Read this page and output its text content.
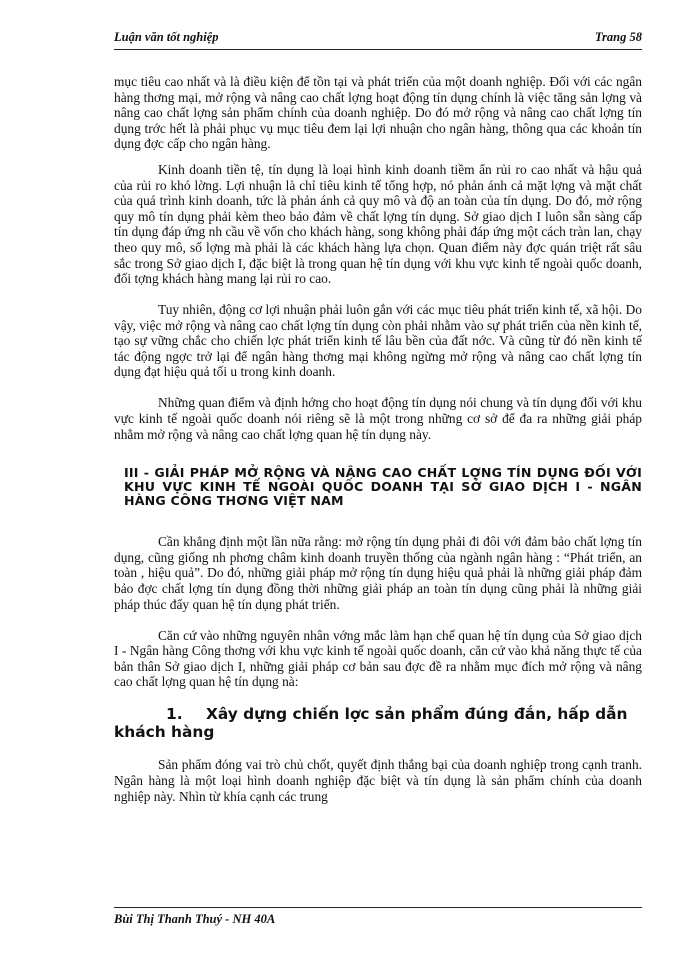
Luận văn tốt nghiệp	Trang 58

mục tiêu cao nhất và là điều kiện để tồn tại và phát triển của một doanh nghiệp. Đối với các ngân hàng thơng mại, mở rộng và nâng cao chất lợng hoạt động tín dụng chính là việc tăng sản lợng và nâng cao chất lợng sản phẩm chính của doanh nghiệp. Do đó mở rộng và nâng cao chất lợng tín dụng trớc hết là phải phục vụ mục tiêu đem lại lợi nhuận cho ngân hàng, thông qua các khoản tín dụng đợc cấp cho ngân hàng.

Kinh doanh tiền tệ, tín dụng là loại hình kinh doanh tiềm ẩn rủi ro cao nhất và hậu quả của rủi ro khó lờng. Lợi nhuận là chỉ tiêu kinh tế tổng hợp, nó phản ánh cả mặt lợng và mặt chất của quá trình kinh doanh, tức là phản ánh cả quy mô và độ an toàn của tín dụng. Do đó, mở rộng quy mô tín dụng phải kèm theo bảo đảm về chất lợng tín dụng. Sở giao dịch I luôn sẵn sàng cấp tín dụng đáp ứng nh cầu về vốn cho khách hàng, song không phải đáp ứng một cách tràn lan, chạy theo quy mô, số lợng mà phải là các khách hàng lựa chọn. Quan điểm này đợc quán triệt rất sâu sắc trong Sở giao dịch I, đặc biệt là trong quan hệ tín dụng với khu vực kinh tế ngoài quốc doanh, đối tợng khách hàng mang lại rủi ro cao.

Tuy nhiên, động cơ lợi nhuận phải luôn gắn với các mục tiêu phát triển kinh tế, xã hội. Do vậy, việc mở rộng và nâng cao chất lợng tín dụng còn phải nhằm vào sự phát triển của nền kinh tế, tạo sự vững chắc cho chiến lợc phát triển kinh tế lâu bền của đất nớc. Và cũng từ đó nền kinh tế tác động ngợc trở lại để ngân hàng thơng mại không ngừng mở rộng và nâng cao chất lợng tín dụng đạt hiệu quả tối u trong kinh doanh.

Những quan điểm và định hớng cho hoạt động tín dụng nói chung và tín dụng đối với khu vực kinh tế ngoài quốc doanh nói riêng sẽ là một trong những cơ sở để đa ra những giải pháp nhằm mở rộng và nâng cao chất lợng quan hệ tín dụng này.

III - GIẢI PHÁP MỞ RỘNG VÀ NÂNG CAO CHẤT LỢNG TÍN DỤNG ĐỐI VỚI KHU VỰC KINH TẾ NGOÀI QUỐC DOANH TẠI SỞ GIAO DỊCH I - NGÂN HÀNG CÔNG THƠNG VIỆT NAM

Cần khẳng định một lần nữa rằng: mở rộng tín dụng phải đi đôi với đảm bảo chất lợng tín dụng, cũng giống nh phơng châm kinh doanh truyền thống của ngành ngân hàng : “Phát triển, an toàn , hiệu quả”. Do đó, những giải pháp mở rộng tín dụng hiệu quả phải là những giải pháp đảm bảo đợc chất lợng tín dụng đồng thời những giải pháp an toàn tín dụng cũng phải là những giải pháp thúc đẩy quan hệ tín dụng phát triển.

Căn cứ vào những nguyên nhân vớng mắc làm hạn chế quan hệ tín dụng của Sở giao dịch I - Ngân hàng Công thơng với khu vực kinh tế ngoài quốc doanh, căn cứ vào khả năng thực tế của bản thân Sở giao dịch I, những giải pháp cơ bản sau đợc đề ra nhằm mục đích mở rộng và nâng cao chất lợng quan hệ tín dụng nà:

1. Xây dựng chiến lợc sản phẩm đúng đắn, hấp dẫn khách hàng

Sản phẩm đóng vai trò chủ chốt, quyết định thắng bại của doanh nghiệp trong cạnh tranh. Ngân hàng là một loại hình doanh nghiệp đặc biệt và tín dụng là sản phẩm chính của doanh nghiệp này. Nhìn từ khía cạnh các trung

Bùi Thị Thanh Thuý - NH 40A
